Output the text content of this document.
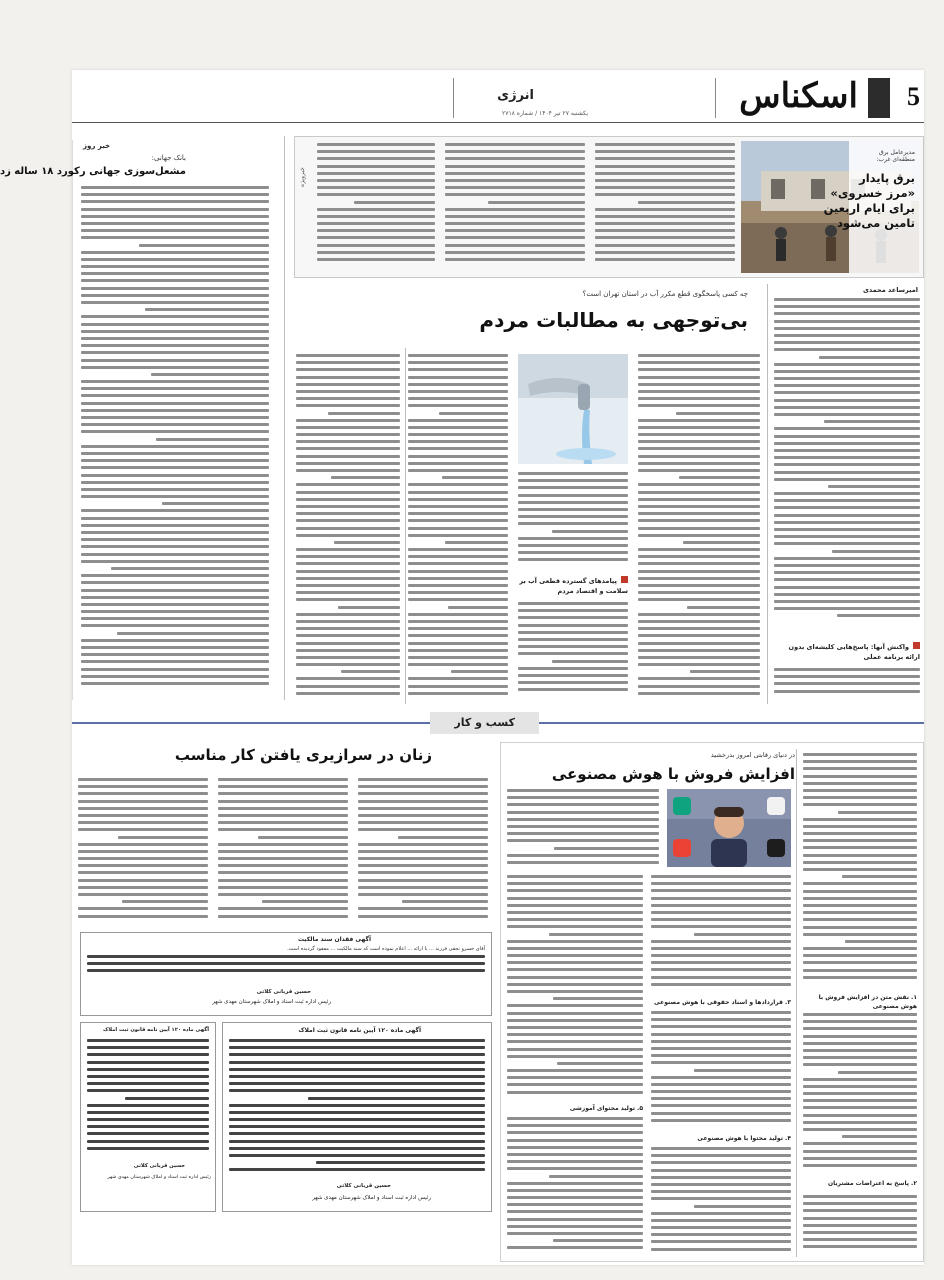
5
اسکناس
انرژی
یکشنبه ۲۷ تیر ۱۴۰۴ / شماره ۲۷۱۸
خبر روز
بانک جهانی:
مشعل‌سوزی جهانی رکورد ۱۸ ساله زد
مدیرعامل برق منطقه‌ای غرب:
برق پایدار
«مرز خسروی»
برای ایام اربعین
تامین می‌شود
خبرویژه
امیرساعد محمدی
واکنش آنها: پاسخ‌هایی کلیشه‌ای بدون ارائه برنامه عملی
چه کسی پاسخگوی قطع مکرر آب در استان تهران است؟
بی‌توجهی به مطالبات مردم
پیامدهای گسترده قطعی آب بر سلامت و اقتصاد مردم
کسب و کار
در دنیای رقابتی امروز بدرخشید
افزایش فروش با هوش مصنوعی
۱. نقش متن در افزایش فروش با هوش مصنوعی
۲. پاسخ به اعتراضات مشتریان
۳. قراردادها و اسناد حقوقی با هوش مصنوعی
۴. تولید محتوا با هوش مصنوعی
۵. تولید محتوای آموزشی
زنان در سرازیری یافتن کار مناسب
آگهی فقدان سند مالکیت
آقای خسرو نجفی فرزند ... با ارائه ... اعلام نموده است که سند مالکیت ... مفقود گردیده است.
حسین قربانی کلاتی
رئیس اداره ثبت اسناد و املاک شهرستان مهدی شهر
آگهی ماده ۱۲۰ آیین نامه قانون ثبت املاک
حسین قربانی کلاتی
رئیس اداره ثبت اسناد و املاک شهرستان مهدی شهر
آگهی ماده ۱۲۰ آیین نامه قانون ثبت املاک
حسین قربانی کلاتی
رئیس اداره ثبت اسناد و املاک شهرستان مهدی شهر
